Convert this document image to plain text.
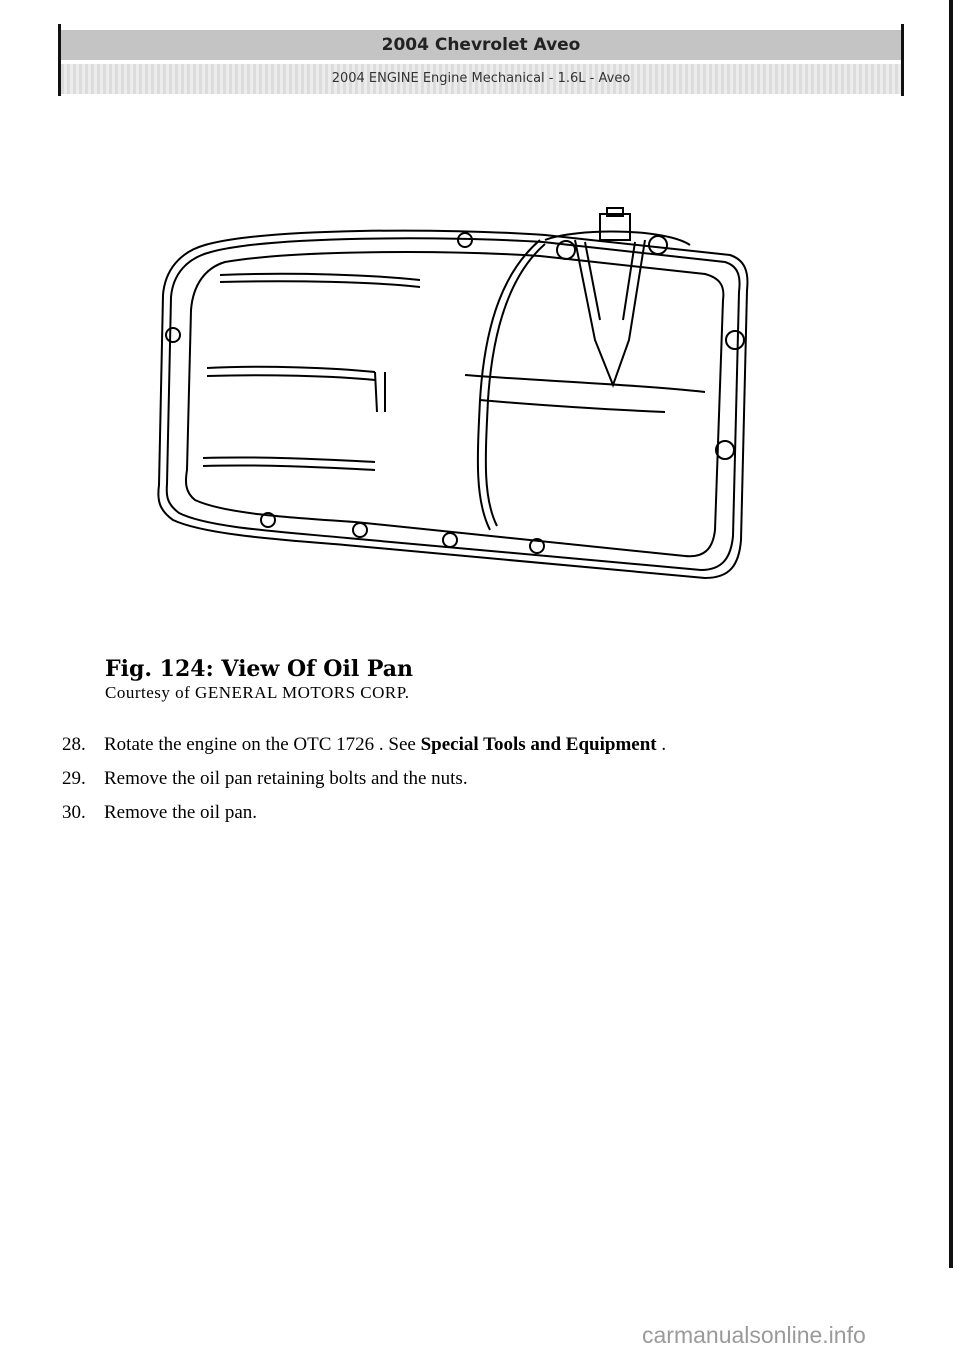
2004 Chevrolet Aveo
2004 ENGINE Engine Mechanical - 1.6L - Aveo
Fig. 124: View Of Oil Pan
Courtesy of GENERAL MOTORS CORP.
28. Rotate the engine on the OTC 1726 . See Special Tools and Equipment .
29. Remove the oil pan retaining bolts and the nuts.
30. Remove the oil pan.
carmanualsonline.info
